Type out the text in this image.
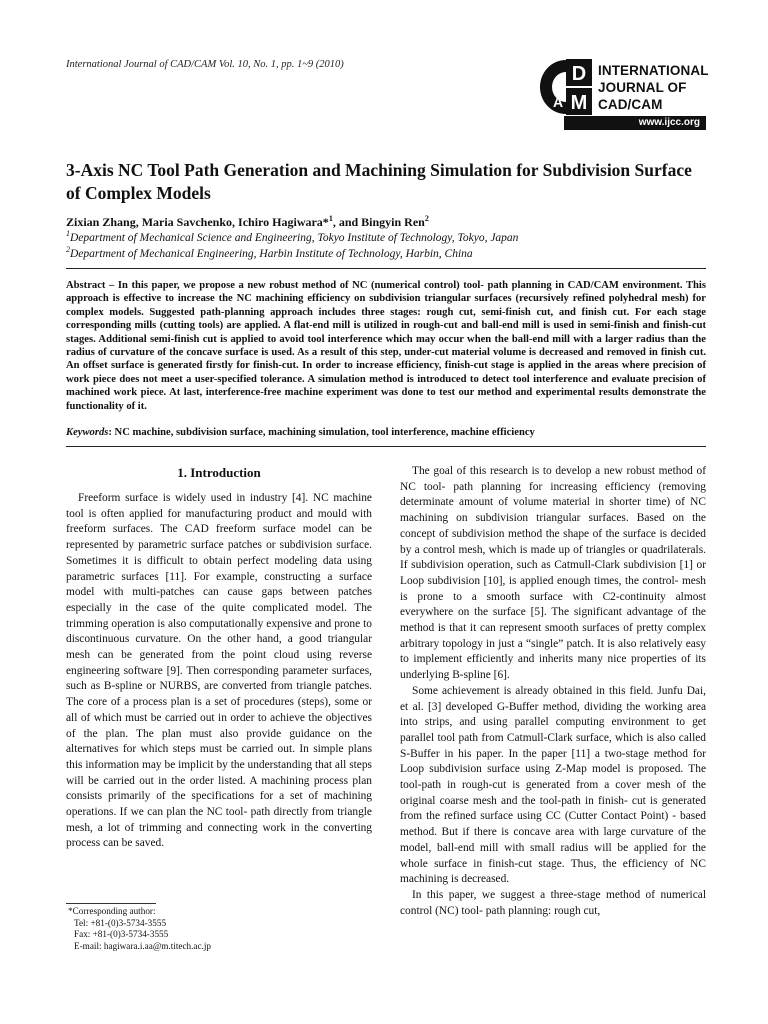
International Journal of CAD/CAM Vol. 10, No. 1, pp. 1~9 (2010)	D
M
A
INTERNATIONAL
JOURNAL OF
CAD/CAM
www.ijcc.org
3-Axis NC Tool Path Generation and Machining Simulation for Subdivision Surface of Complex Models
Zixian Zhang, Maria Savchenko, Ichiro Hagiwara*$^1$, and Bingyin Ren$^2$
$^1$Department of Mechanical Science and Engineering, Tokyo Institute of Technology, Tokyo, Japan
$^2$Department of Mechanical Engineering, Harbin Institute of Technology, Harbin, China

Abstract – In this paper, we propose a new robust method of NC (numerical control) tool- path planning in CAD/CAM environment. This approach is effective to increase the NC machining efficiency on subdivision triangular surfaces (recursively refined polyhedral mesh) for complex models. Suggested path-planning approach includes three stages: rough cut, semi-finish cut, and finish cut. For each stage corresponding mills (cutting tools) are applied. A flat-end mill is utilized in rough-cut and ball-end mill is used in semi-finish and finish-cut stages. Additional semi-finish cut is applied to avoid tool interference which may occur when the ball-end mill with a larger radius than the radius of curvature of the concave surface is used. As a result of this step, under-cut material volume is decreased and removed in finish cut. An offset surface is generated firstly for finish-cut. In order to increase efficiency, finish-cut stage is applied in the areas where precision of work piece does not meet a user-specified tolerance. A simulation method is introduced to detect tool interference and evaluate precision of machined work piece. At last, interference-free machine experiment was done to test our method and experimental results demonstrate the functionality of it.

Keywords: NC machine, subdivision surface, machining simulation, tool interference, machine efficiency
1. Introduction

Freeform surface is widely used in industry [4]. NC machine tool is often applied for manufacturing product and mould with freeform surfaces. The CAD freeform surface model can be represented by parametric surface patches or subdivision surface. Sometimes it is difficult to obtain perfect modeling data using parametric surfaces [11]. For example, constructing a surface model with multi-patches can cause gaps between patches especially in the case of the quite complicated model. The trimming operation is also computationally expensive and prone to discontinuous curvature. On the other hand, a good triangular mesh can be generated from the point cloud using reverse engineering software [9]. Then corresponding parameter surfaces, such as B-spline or NURBS, are converted from triangle patches. The core of a process plan is a set of procedures (steps), some or all of which must be carried out in order to achieve the objectives of the plan. The plan must also provide guidance on the alternatives for which steps must be carried out. In simple plans this information may be implicit by the understanding that all steps will be carried out in the order listed. A machining process plan consists primarily of the specifications for a set of machining operations. If we can plan the NC tool- path directly from triangle mesh, a lot of trimming and connecting work in the converting process can be saved.

The goal of this research is to develop a new robust method of NC tool- path planning for increasing efficiency (removing determinate amount of volume material in shorter time) of NC machining on subdivision triangular surfaces. Based on the concept of subdivision method the shape of the surface is decided by a control mesh, which is made up of triangles or quadrilaterals. If subdivision operation, such as Catmull-Clark subdivision [1] or Loop subdivision [10], is applied enough times, the control- mesh is prone to a smooth surface with C2-continuity almost everywhere on the surface [5]. The significant advantage of the method is that it can represent smooth surfaces of pretty complex arbitrary topology in just a “single” patch. It is also relatively easy to implement efficiently and inherits many nice properties of its underlying B-spline [6].

Some achievement is already obtained in this field. Junfu Dai, et al. [3] developed G-Buffer method, dividing the working area into strips, and using parallel computing environment to get parallel tool path from Catmull-Clark surface, which is also called S-Buffer in his paper. In the paper [11] a two-stage method for Loop subdivision surface using Z-Map model is proposed. The tool-path in rough-cut is generated from a cover mesh of the original coarse mesh and the tool-path in finish- cut is generated from the refined surface using CC (Cutter Contact Point) - based method. But if there is concave area with large curvature of the model, ball-end mill with small radius will be applied for the whole surface in finish-cut stage. Thus, the efficiency of NC machining is decreased.

In this paper, we suggest a three-stage method of numerical control (NC) tool- path planning: rough cut,

*Corresponding author:
Tel: +81-(0)3-5734-3555
Fax: +81-(0)3-5734-3555
E-mail: hagiwara.i.aa@m.titech.ac.jp
